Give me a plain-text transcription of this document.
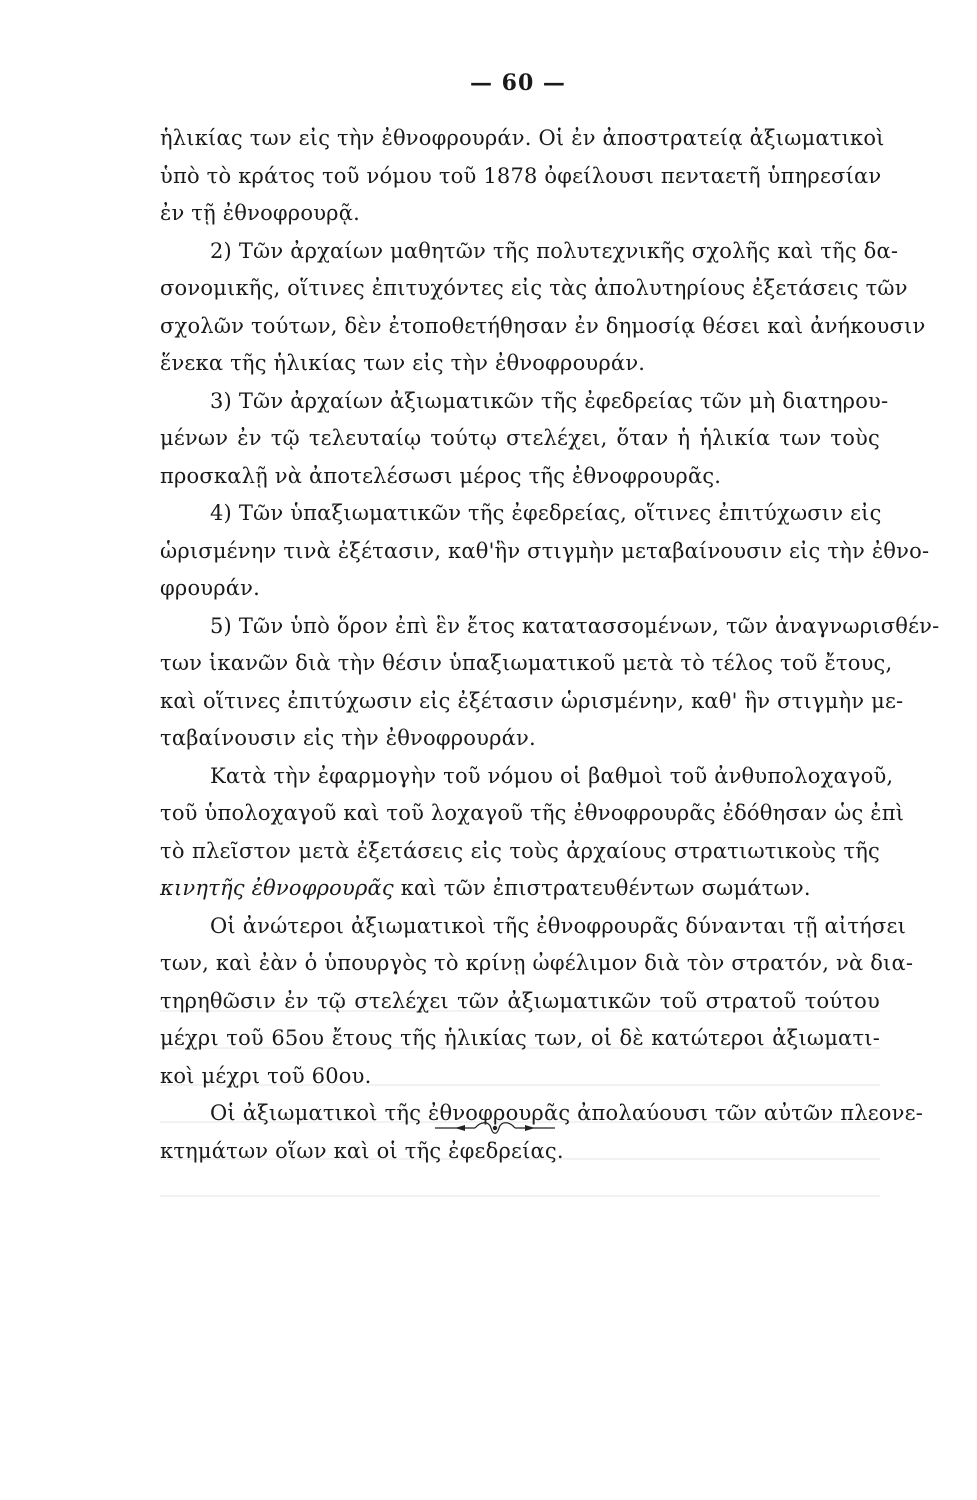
— 60 —
ἡλικίας των εἰς τὴν ἐθνοφρουράν. Οἱ ἐν ἀποστρατείᾳ ἀξιωματικοὶ
ὑπὸ τὸ κράτος τοῦ νόμου τοῦ 1878 ὀφείλουσι πενταετῆ ὑπηρεσίαν
ἐν τῇ ἐθνοφρουρᾷ.
2) Τῶν ἀρχαίων μαθητῶν τῆς πολυτεχνικῆς σχολῆς καὶ τῆς δα-
σονομικῆς, οἵτινες ἐπιτυχόντες εἰς τὰς ἀπολυτηρίους ἐξετάσεις τῶν
σχολῶν τούτων, δὲν ἐτοποθετήθησαν ἐν δημοσίᾳ θέσει καὶ ἀνήκουσιν
ἕνεκα τῆς ἡλικίας των εἰς τὴν ἐθνοφρουράν.
3) Τῶν ἀρχαίων ἀξιωματικῶν τῆς ἐφεδρείας τῶν μὴ διατηρου-
μένων ἐν τῷ τελευταίῳ τούτῳ στελέχει, ὅταν ἡ ἡλικία των τοὺς
προσκαλῇ νὰ ἀποτελέσωσι μέρος τῆς ἐθνοφρουρᾶς.
4) Τῶν ὑπαξιωματικῶν τῆς ἐφεδρείας, οἵτινες ἐπιτύχωσιν εἰς
ὡρισμένην τινὰ ἐξέτασιν, καθ'ἣν στιγμὴν μεταβαίνουσιν εἰς τὴν ἐθνο-
φρουράν.
5) Τῶν ὑπὸ ὅρον ἐπὶ ἓν ἔτος κατατασσομένων, τῶν ἀναγνωρισθέν-
των ἱκανῶν διὰ τὴν θέσιν ὑπαξιωματικοῦ μετὰ τὸ τέλος τοῦ ἔτους,
καὶ οἵτινες ἐπιτύχωσιν εἰς ἐξέτασιν ὡρισμένην, καθ' ἣν στιγμὴν με-
ταβαίνουσιν εἰς τὴν ἐθνοφρουράν.
Κατὰ τὴν ἐφαρμογὴν τοῦ νόμου οἱ βαθμοὶ τοῦ ἀνθυπολοχαγοῦ,
τοῦ ὑπολοχαγοῦ καὶ τοῦ λοχαγοῦ τῆς ἐθνοφρουρᾶς ἐδόθησαν ὡς ἐπὶ
τὸ πλεῖστον μετὰ ἐξετάσεις εἰς τοὺς ἀρχαίους στρατιωτικοὺς τῆς
κινητῆς ἐθνοφρουρᾶς καὶ τῶν ἐπιστρατευθέντων σωμάτων.
Οἱ ἀνώτεροι ἀξιωματικοὶ τῆς ἐθνοφρουρᾶς δύνανται τῇ αἰτήσει
των, καὶ ἐὰν ὁ ὑπουργὸς τὸ κρίνῃ ὠφέλιμον διὰ τὸν στρατόν, νὰ δια-
τηρηθῶσιν ἐν τῷ στελέχει τῶν ἀξιωματικῶν τοῦ στρατοῦ τούτου
μέχρι τοῦ 65ου ἔτους τῆς ἡλικίας των, οἱ δὲ κατώτεροι ἀξιωματι-
κοὶ μέχρι τοῦ 60ου.
Οἱ ἀξιωματικοὶ τῆς ἐθνοφρουρᾶς ἀπολαύουσι τῶν αὐτῶν πλεονε-
κτημάτων οἵων καὶ οἱ τῆς ἐφεδρείας.
